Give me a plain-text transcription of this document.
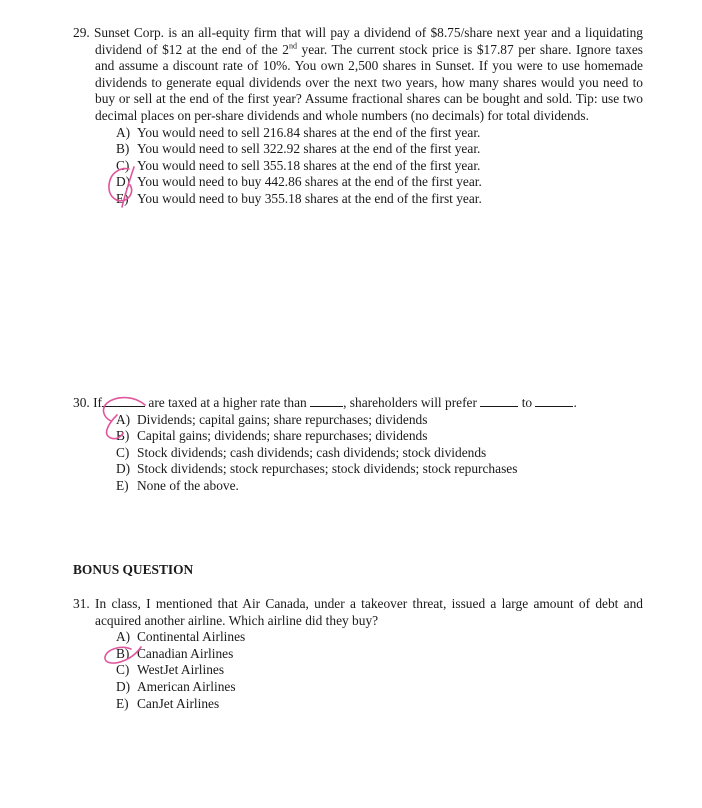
29. Sunset Corp. is an all-equity firm that will pay a dividend of $8.75/share next year and a liquidating dividend of $12 at the end of the 2nd year. The current stock price is $17.87 per share. Ignore taxes and assume a discount rate of 10%. You own 2,500 shares in Sunset. If you were to use homemade dividends to generate equal dividends over the next two years, how many shares would you need to buy or sell at the end of the first year? Assume fractional shares can be bought and sold. Tip: use two decimal places on per-share dividends and whole numbers (no decimals) for total dividends.
A) You would need to sell 216.84 shares at the end of the first year.
B) You would need to sell 322.92 shares at the end of the first year.
C) You would need to sell 355.18 shares at the end of the first year.
D) You would need to buy 442.86 shares at the end of the first year.
E) You would need to buy 355.18 shares at the end of the first year.
30. If	are taxed at a higher rate than	, shareholders will prefer	to	.
A) Dividends; capital gains; share repurchases; dividends
B) Capital gains; dividends; share repurchases; dividends
C) Stock dividends; cash dividends; cash dividends; stock dividends
D) Stock dividends; stock repurchases; stock dividends; stock repurchases
E) None of the above.
BONUS QUESTION
31. In class, I mentioned that Air Canada, under a takeover threat, issued a large amount of debt and acquired another airline. Which airline did they buy?
A) Continental Airlines
B) Canadian Airlines
C) WestJet Airlines
D) American Airlines
E) CanJet Airlines
